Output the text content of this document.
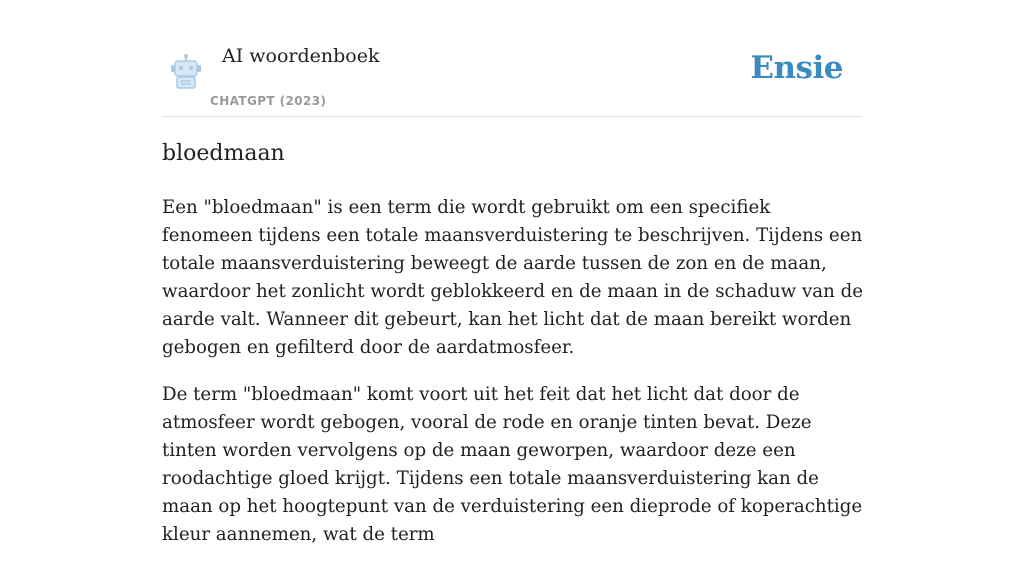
AI woordenboek
CHATGPT (2023)
Ensie
bloedmaan

Een "bloedmaan" is een term die wordt gebruikt om een specifiek fenomeen tijdens een totale maansverduistering te beschrijven. Tijdens een totale maansverduistering beweegt de aarde tussen de zon en de maan, waardoor het zonlicht wordt geblokkeerd en de maan in de schaduw van de aarde valt. Wanneer dit gebeurt, kan het licht dat de maan bereikt worden gebogen en gefilterd door de aardatmosfeer.

De term "bloedmaan" komt voort uit het feit dat het licht dat door de atmosfeer wordt gebogen, vooral de rode en oranje tinten bevat. Deze tinten worden vervolgens op de maan geworpen, waardoor deze een roodachtige gloed krijgt. Tijdens een totale maansverduistering kan de maan op het hoogtepunt van de verduistering een dieprode of koperachtige kleur aannemen, wat de term
